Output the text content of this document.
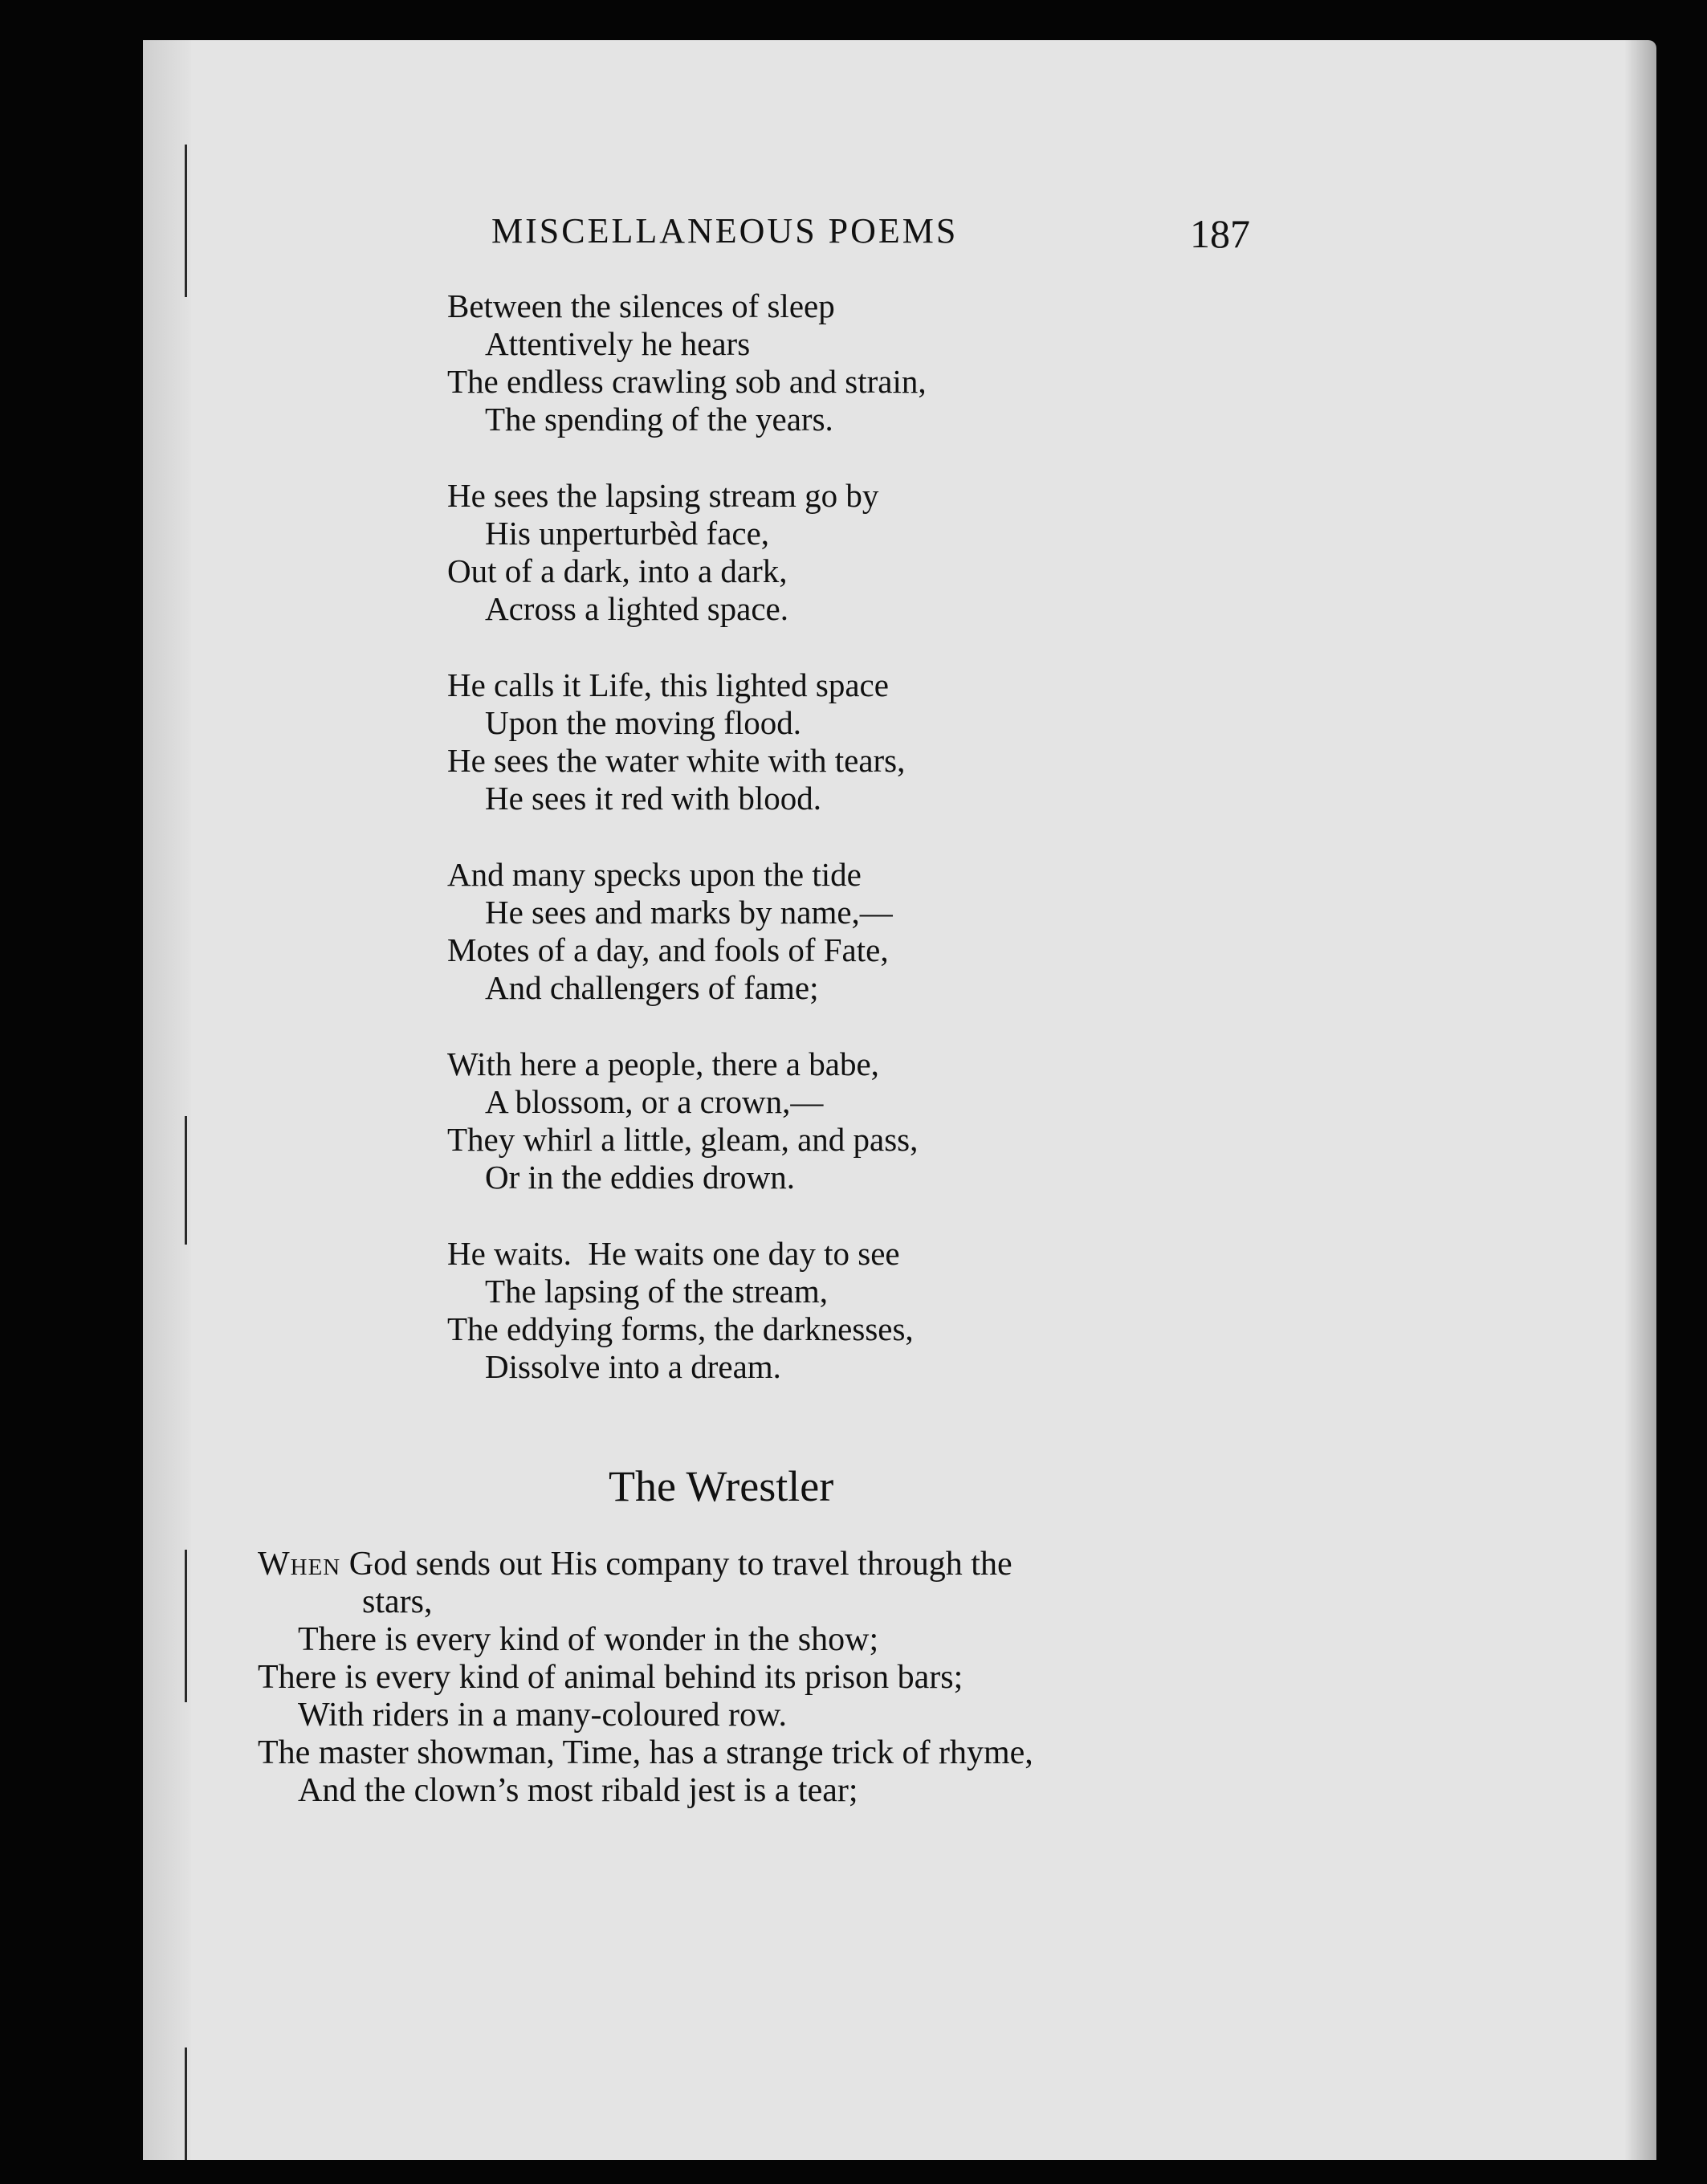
MISCELLANEOUS POEMS	187
Between the silences of sleep
Attentively he hears
The endless crawling sob and strain,
The spending of the years.
He sees the lapsing stream go by
His unperturbèd face,
Out of a dark, into a dark,
Across a lighted space.
He calls it Life, this lighted space
Upon the moving flood.
He sees the water white with tears,
He sees it red with blood.
And many specks upon the tide
He sees and marks by name,—
Motes of a day, and fools of Fate,
And challengers of fame;
With here a people, there a babe,
A blossom, or a crown,—
They whirl a little, gleam, and pass,
Or in the eddies drown.
He waits.  He waits one day to see
The lapsing of the stream,
The eddying forms, the darknesses,
Dissolve into a dream.
The Wrestler
When God sends out His company to travel through the
stars,
There is every kind of wonder in the show;
There is every kind of animal behind its prison bars;
With riders in a many-coloured row.
The master showman, Time, has a strange trick of rhyme,
And the clown’s most ribald jest is a tear;
